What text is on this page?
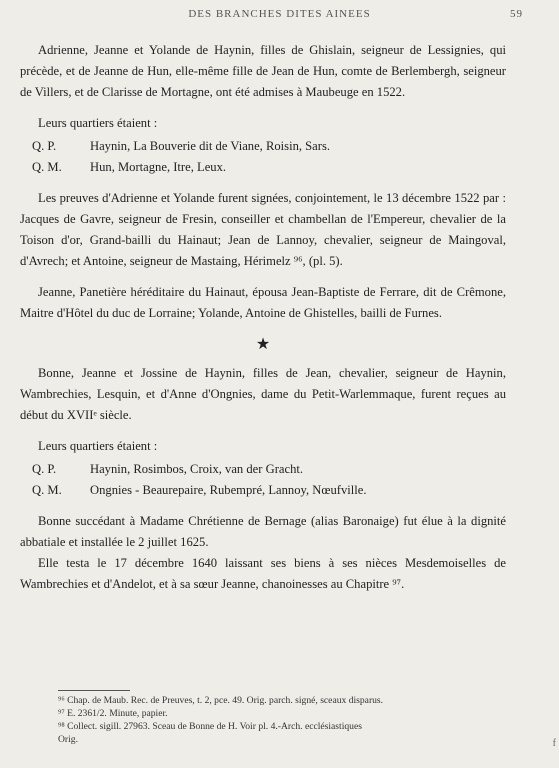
DES BRANCHES DITES AINEES	59

Adrienne, Jeanne et Yolande de Haynin, filles de Ghislain, seigneur de Lessignies, qui précède, et de Jeanne de Hun, elle-même fille de Jean de Hun, comte de Berlembergh, seigneur de Villers, et de Clarisse de Mortagne, ont été admises à Maubeuge en 1522.

Leurs quartiers étaient :

Q. P.	Haynin, La Bouverie dit de Viane, Roisin, Sars.
Q. M. Hun, Mortagne, Itre, Leux.

Les preuves d'Adrienne et Yolande furent signées, conjointement, le 13 décembre 1522 par : Jacques de Gavre, seigneur de Fresin, conseiller et chambellan de l'Empereur, chevalier de la Toison d'or, Grand-bailli du Hainaut; Jean de Lannoy, chevalier, seigneur de Maingoval, d'Avrech; et Antoine, seigneur de Mastaing, Hérimelz ⁹⁶, (pl. 5).

Jeanne, Panetière héréditaire du Hainaut, épousa Jean-Baptiste de Ferrare, dit de Crêmone, Maitre d'Hôtel du duc de Lorraine; Yolande, Antoine de Ghistelles, bailli de Furnes.

★

Bonne, Jeanne et Jossine de Haynin, filles de Jean, chevalier, seigneur de Haynin, Wambrechies, Lesquin, et d'Anne d'Ongnies, dame du Petit-Warlemmaque, furent reçues au début du XVIIᵉ siècle.

Leurs quartiers étaient :

Q. P.	Haynin, Rosimbos, Croix, van der Gracht.
Q. M. Ongnies - Beaurepaire, Rubempré, Lannoy, Nœufville.

Bonne succédant à Madame Chrétienne de Bernage (alias Baronaige) fut élue à la dignité abbatiale et installée le 2 juillet 1625.

Elle testa le 17 décembre 1640 laissant ses biens à ses nièces Mesdemoiselles de Wambrechies et d'Andelot, et à sa sœur Jeanne, chanoinesses au Chapitre ⁹⁷.

⁹⁶ Chap. de Maub. Rec. de Preuves, t. 2, pce. 49. Orig. parch. signé, sceaux disparus.
⁹⁷ E. 2361/2. Minute, papier.
⁹⁸ Collect. sigill. 27963. Sceau de Bonne de H. Voir pl. 4.-Arch. ecclésiastiques
Orig.	f
